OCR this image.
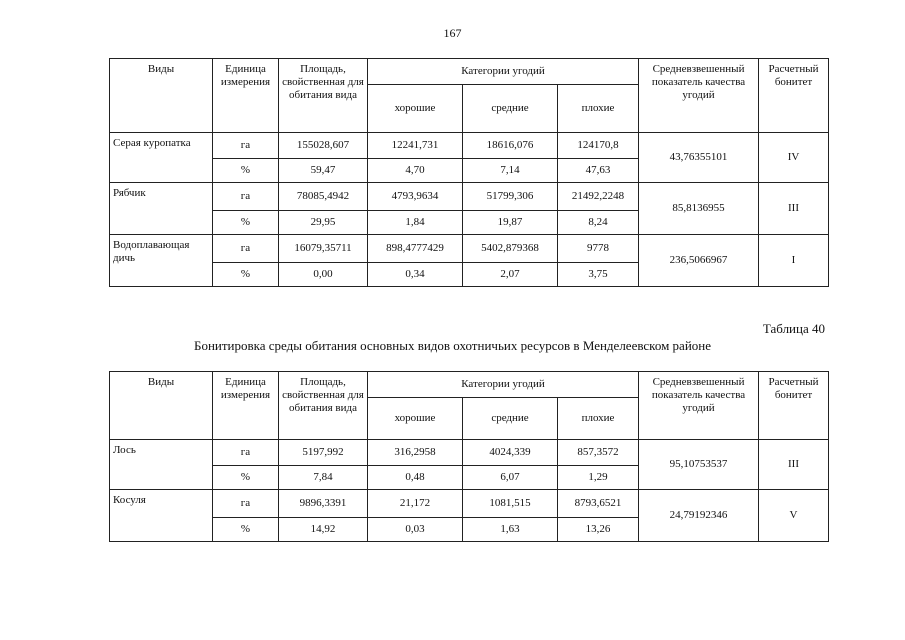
167
Виды	Единица измерения	Площадь, свойственная для обитания вида	Категории угодий			Средневзвешенный показатель качества угодий	Расчетный бонитет
			хорошие	средние	плохие		
Серая куропатка	га	155028,607	12241,731	18616,076	124170,8	43,76355101	IV
	%	59,47	4,70	7,14	47,63		
Рябчик	га	78085,4942	4793,9634	51799,306	21492,2248	85,8136955	III
	%	29,95	1,84	19,87	8,24		
Водоплавающая дичь	га	16079,35711	898,4777429	5402,879368	9778	236,5066967	I
	%	0,00	0,34	2,07	3,75		
Таблица 40
Бонитировка среды обитания основных видов охотничьих ресурсов в Менделеевском районе
Виды	Единица измерения	Площадь, свойственная для обитания вида	Категории угодий			Средневзвешенный показатель качества угодий	Расчетный бонитет
			хорошие	средние	плохие		
Лось	га	5197,992	316,2958	4024,339	857,3572	95,10753537	III
	%	7,84	0,48	6,07	1,29		
Косуля	га	9896,3391	21,172	1081,515	8793,6521	24,79192346	V
	%	14,92	0,03	1,63	13,26		
